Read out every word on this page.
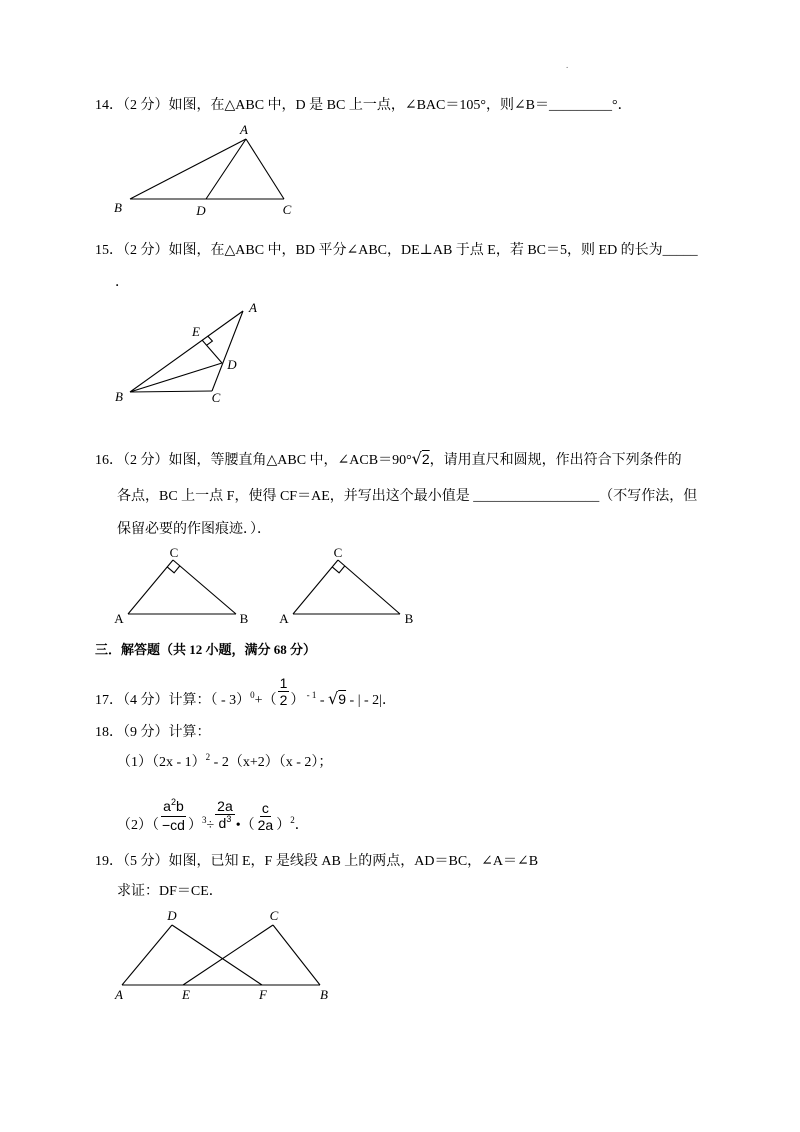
.
14．（2 分）如图，在△ABC 中，D 是 BC 上一点，∠BAC＝105°，则∠B＝_________°．
A
B	D	C
15．（2 分）如图，在△ABC 中，BD 平分∠ABC，DE⊥AB 于点 E，若 BC＝5，则 ED 的长为_____
．
A
E
D
B	C
16．（2 分）如图，等腰直角△ABC 中，∠ACB＝90°√2，请用直尺和圆规，作出符合下列条件的
各点，BC 上一点 F，使得 CF＝AE，并写出这个最小值是 __________________（不写作法，但
保留必要的作图痕迹．）．
C
A	B
C
A	B
三．解答题（共 12 小题，满分 68 分）
17．（4 分）计算：（ - $3)^0+( \frac{1}{2}$ ） $^{- 1}$ - √9 - | - 2|．
18．（9 分）计算：
（1）（2x - 1）$^2$ - 2（x+2）（x - 2）；
$(2)( \frac{a^2b}{-cd} )^3\div \frac{2a}{d^3}$ •（ $\frac{c}{2a} )^2$．
19．（5 分）如图，已知 E，F 是线段 AB 上的两点，AD＝BC，∠A＝∠B
求证：DF＝CE．
D	C
A	E	F	B
